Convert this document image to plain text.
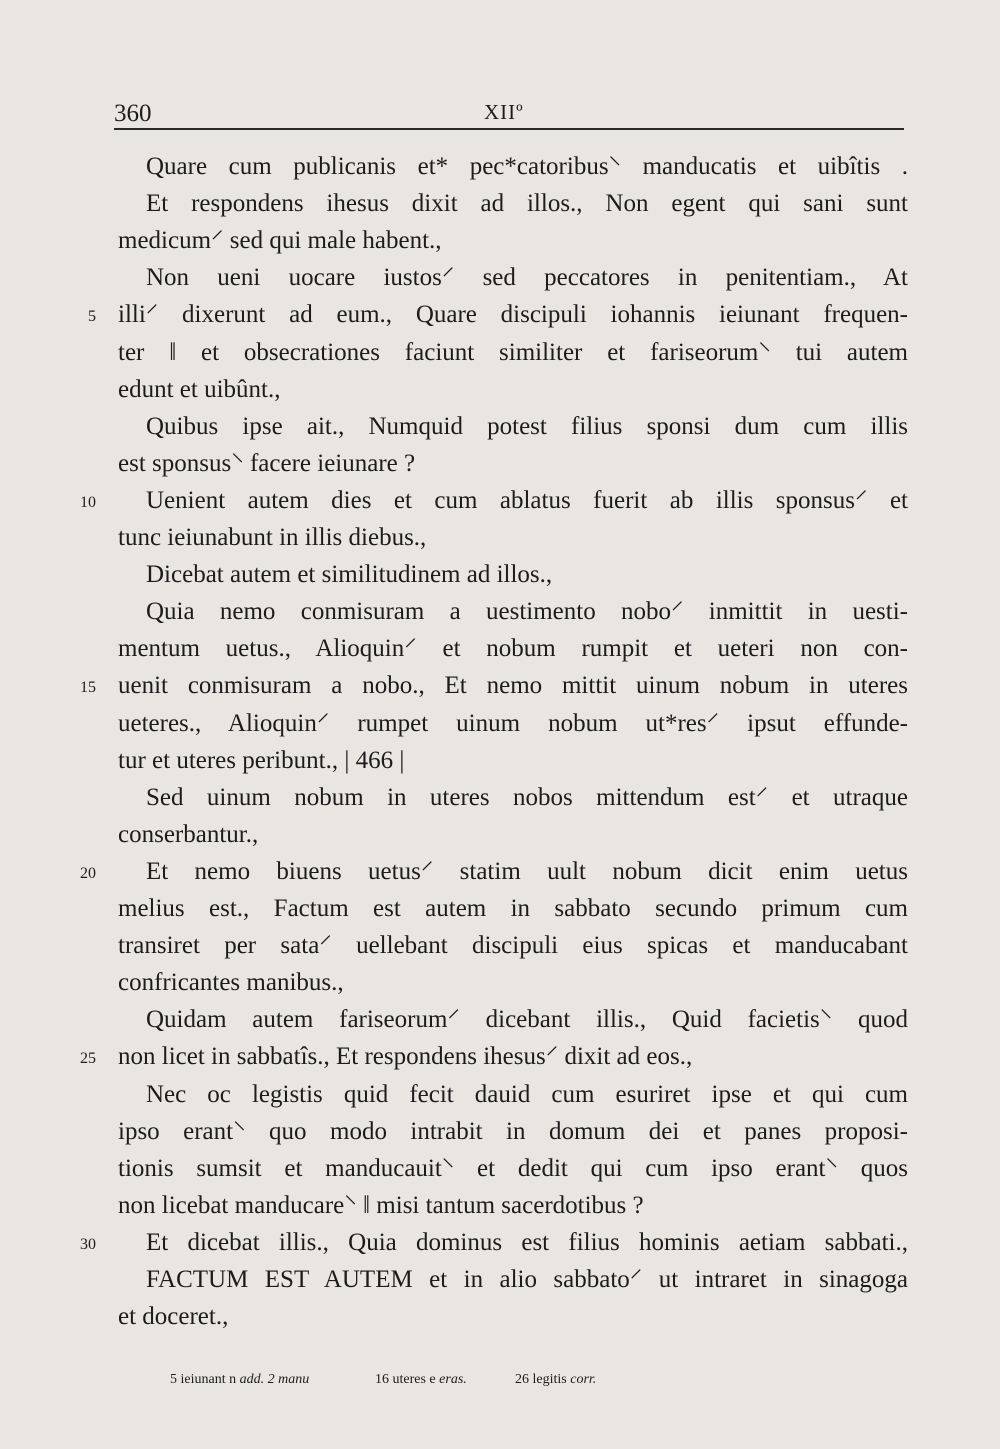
360	XIIº
Quare cum publicanis et* pec*catoribus⸌ manducatis et uibîtis .
Et respondens ihesus dixit ad illos., Non egent qui sani sunt
medicum⸍ sed qui male habent.,
Non ueni uocare iustos⸍ sed peccatores in penitentiam., At
illi⸍ dixerunt ad eum., Quare discipuli iohannis ieiunant frequen-
ter ‖ et obsecrationes faciunt similiter et fariseorum⸌ tui autem
edunt et uibûnt.,
Quibus ipse ait., Numquid potest filius sponsi dum cum illis
est sponsus⸌ facere ieiunare ?
Uenient autem dies et cum ablatus fuerit ab illis sponsus⸍ et
tunc ieiunabunt in illis diebus.,
Dicebat autem et similitudinem ad illos.,
Quia nemo conmisuram a uestimento nobo⸍ inmittit in uesti-
mentum uetus., Alioquin⸍ et nobum rumpit et ueteri non con-
uenit conmisuram a nobo., Et nemo mittit uinum nobum in uteres
ueteres., Alioquin⸍ rumpet uinum nobum ut*res⸍ ipsut effunde-
tur et uteres peribunt., | 466 |
Sed uinum nobum in uteres nobos mittendum est⸍ et utraque
conserbantur.,
Et nemo biuens uetus⸍ statim uult nobum dicit enim uetus
melius est., Factum est autem in sabbato secundo primum cum
transiret per sata⸍ uellebant discipuli eius spicas et manducabant
confricantes manibus.,
Quidam autem fariseorum⸍ dicebant illis., Quid facietis⸌ quod
non licet in sabbatîs., Et respondens ihesus⸍ dixit ad eos.,
Nec oc legistis quid fecit dauid cum esuriret ipse et qui cum
ipso erant⸌ quo modo intrabit in domum dei et panes proposi-
tionis sumsit et manducauit⸌ et dedit qui cum ipso erant⸌ quos
non licebat manducare⸌ ‖ misi tantum sacerdotibus ?
Et dicebat illis., Quia dominus est filius hominis aetiam sabbati.,
FACTUM EST AUTEM et in alio sabbato⸍ ut intraret in sinagoga
et doceret.,
5
10
15
20
25
30
5 ieiunant n add. 2 manu	16 uteres e eras.	26 legitis corr.
